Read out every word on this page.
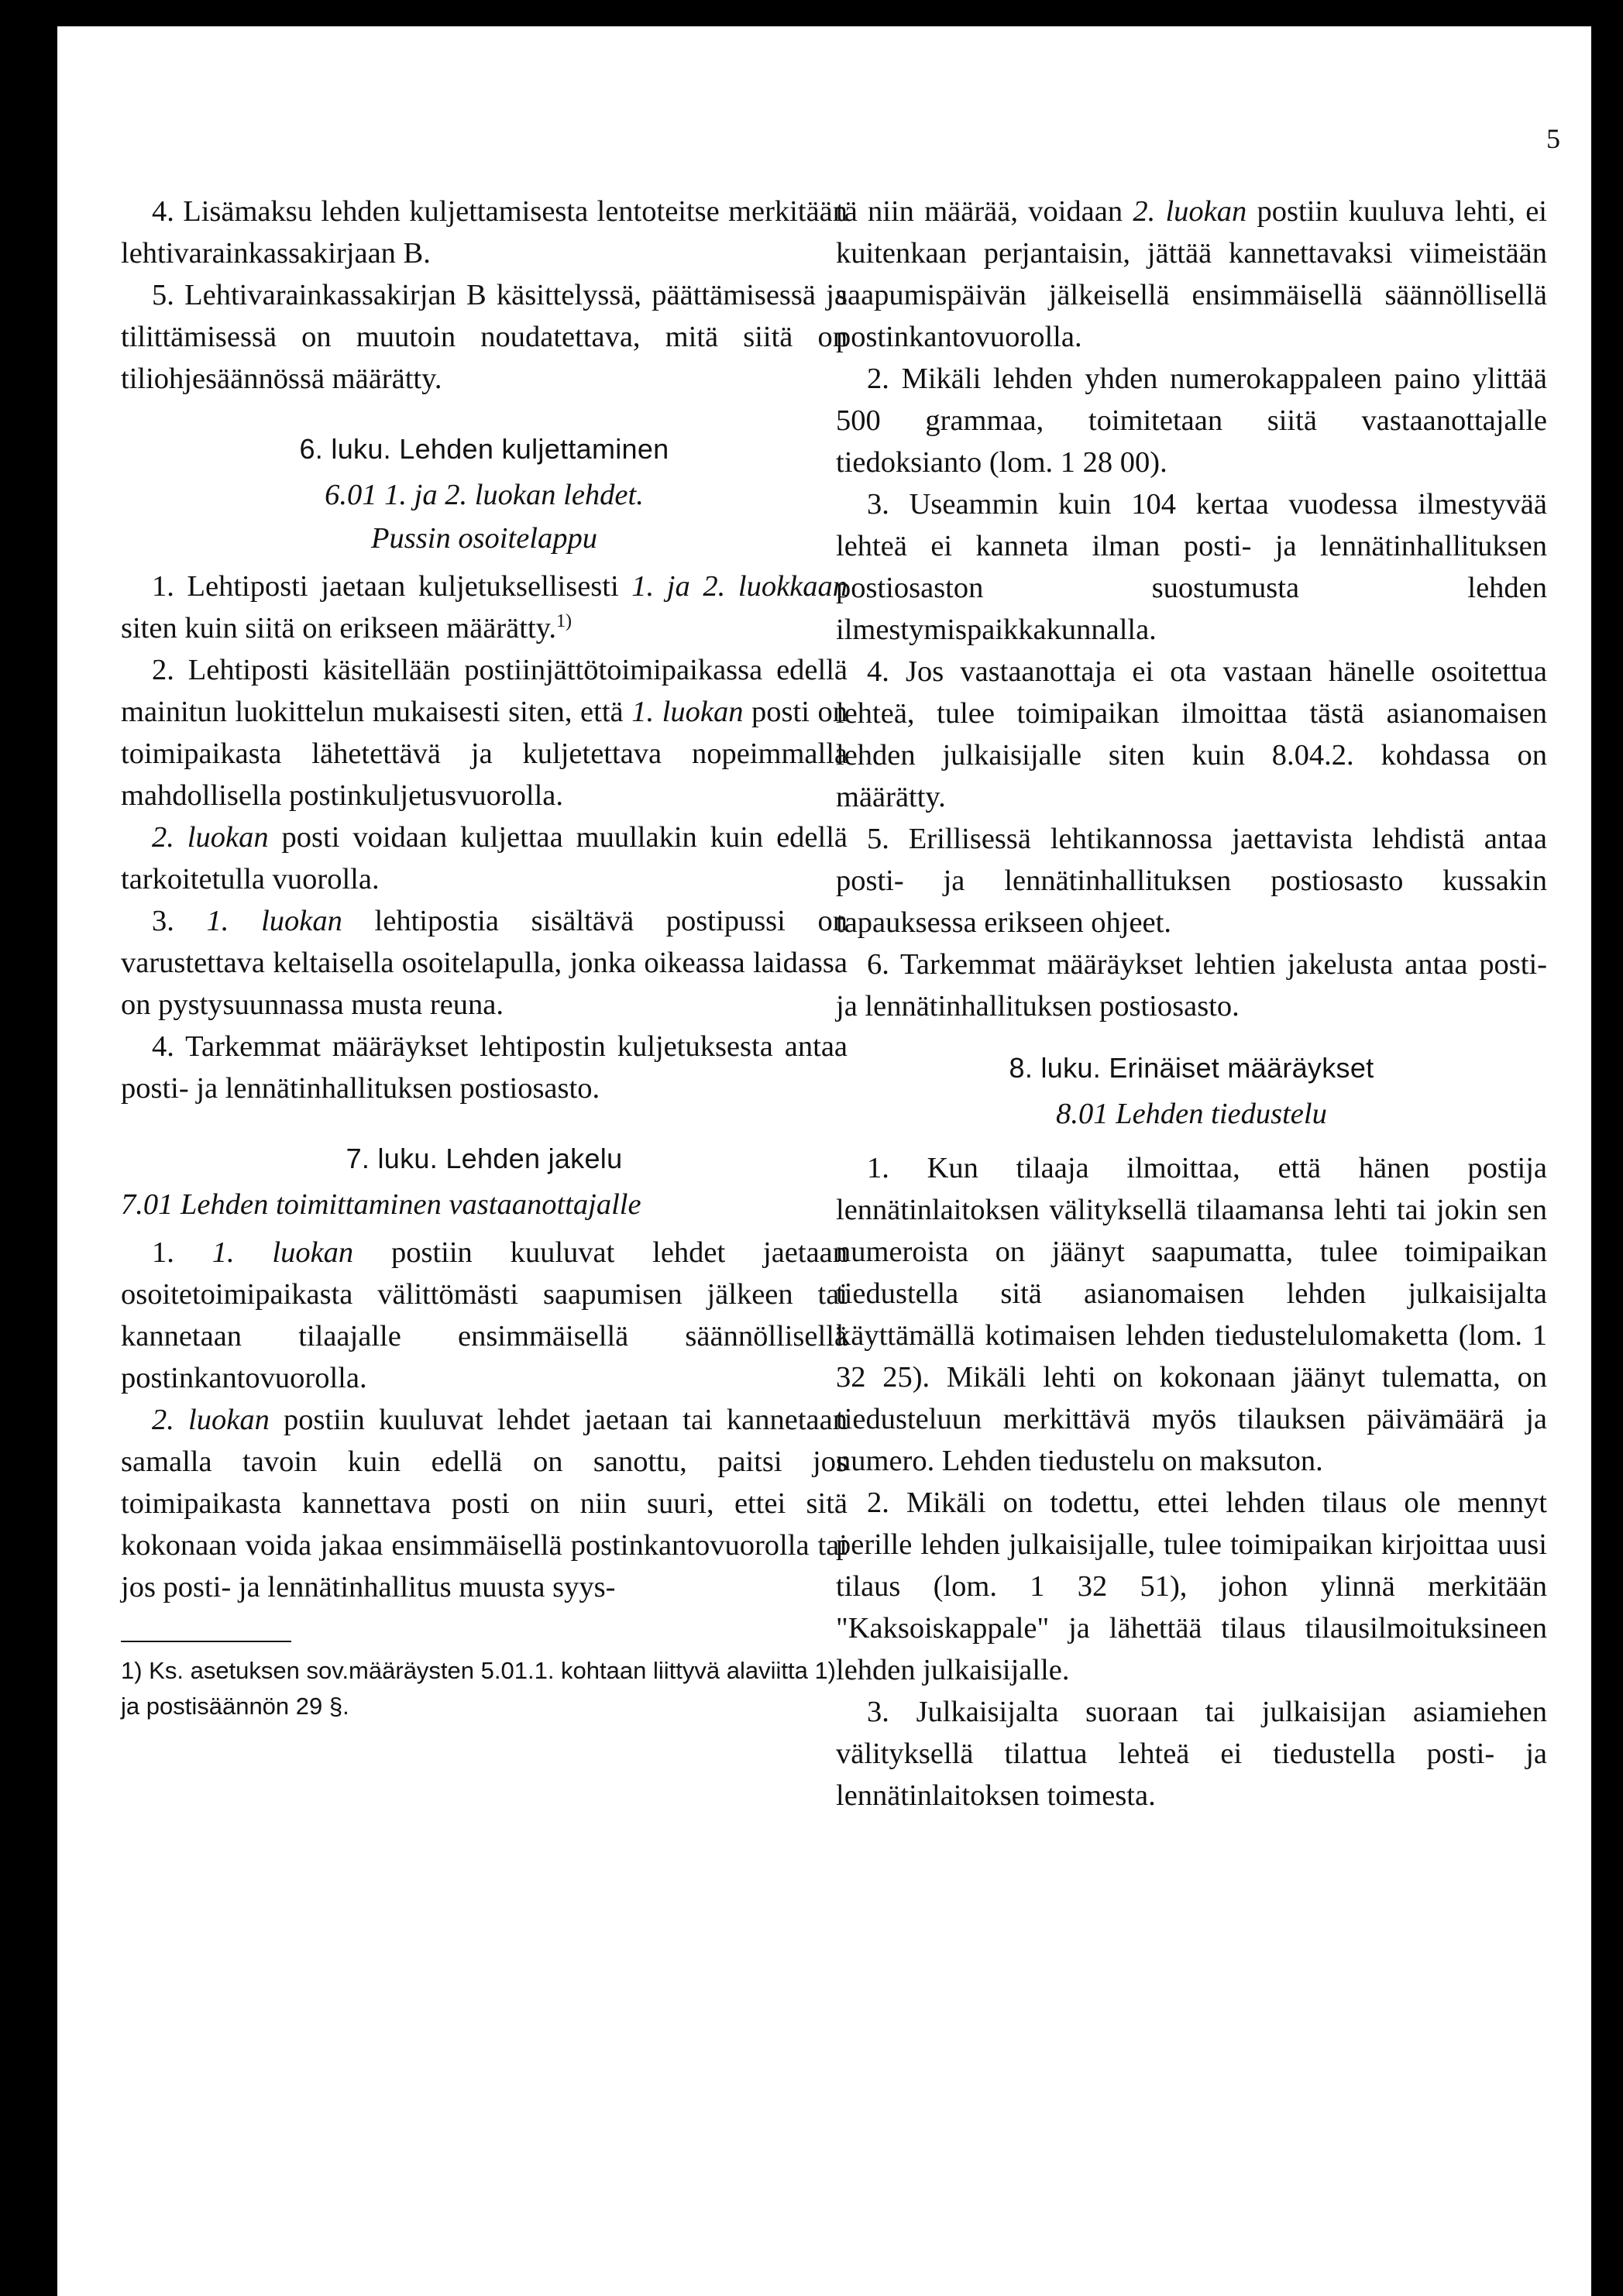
5

4. Lisämaksu lehden kuljettamisesta lentoteitse merkitään lehtivarainkassakirjaan B.

5. Lehtivarainkassakirjan B käsittelyssä, päättämisessä ja tilittämisessä on muutoin noudatettava, mitä siitä on tiliohjesäännössä määrätty.

6. luku. Lehden kuljettaminen
6.01 1. ja 2. luokan lehdet.
Pussin osoitelappu

1. Lehtiposti jaetaan kuljetuksellisesti 1. ja 2. luokkaan siten kuin siitä on erikseen määrätty.$^{1)}$

2. Lehtiposti käsitellään postiinjättötoimipaikassa edellä mainitun luokittelun mukaisesti siten, että 1. luokan posti on toimipaikasta lähetettävä ja kuljetettava nopeimmalla mahdollisella postinkuljetusvuorolla.

2. luokan posti voidaan kuljettaa muullakin kuin edellä tarkoitetulla vuorolla.

3. 1. luokan lehtipostia sisältävä postipussi on varustettava keltaisella osoitelapulla, jonka oikeassa laidassa on pystysuunnassa musta reuna.

4. Tarkemmat määräykset lehtipostin kuljetuksesta antaa posti- ja lennätinhallituksen postiosasto.

7. luku. Lehden jakelu
7.01 Lehden toimittaminen vastaanottajalle

1. 1. luokan postiin kuuluvat lehdet jaetaan osoitetoimipaikasta välittömästi saapumisen jälkeen tai kannetaan tilaajalle ensimmäisellä säännöllisellä postinkantovuorolla.

2. luokan postiin kuuluvat lehdet jaetaan tai kannetaan samalla tavoin kuin edellä on sanottu, paitsi jos toimipaikasta kannettava posti on niin suuri, ettei sitä kokonaan voida jakaa ensimmäisellä postinkantovuorolla tai jos posti- ja lennätinhallitus muusta syys-

1) Ks. asetuksen sov.määräysten 5.01.1. kohtaan liittyvä alaviitta 1) ja postisäännön 29 §.

tä niin määrää, voidaan 2. luokan postiin kuuluva lehti, ei kuitenkaan perjantaisin, jättää kannettavaksi viimeistään saapumispäivän jälkeisellä ensimmäisellä säännöllisellä postinkantovuorolla.

2. Mikäli lehden yhden numerokappaleen paino ylittää 500 grammaa, toimitetaan siitä vastaanottajalle tiedoksianto (lom. 1 28 00).

3. Useammin kuin 104 kertaa vuodessa ilmestyvää lehteä ei kanneta ilman posti- ja lennätinhallituksen postiosaston suostumusta lehden ilmestymispaikkakunnalla.

4. Jos vastaanottaja ei ota vastaan hänelle osoitettua lehteä, tulee toimipaikan ilmoittaa tästä asianomaisen lehden julkaisijalle siten kuin 8.04.2. kohdassa on määrätty.

5. Erillisessä lehtikannossa jaettavista lehdistä antaa posti- ja lennätinhallituksen postiosasto kussakin tapauksessa erikseen ohjeet.

6. Tarkemmat määräykset lehtien jakelusta antaa posti- ja lennätinhallituksen postiosasto.

8. luku. Erinäiset määräykset
8.01 Lehden tiedustelu

1. Kun tilaaja ilmoittaa, että hänen postija lennätinlaitoksen välityksellä tilaamansa lehti tai jokin sen numeroista on jäänyt saapumatta, tulee toimipaikan tiedustella sitä asianomaisen lehden julkaisijalta käyttämällä kotimaisen lehden tiedustelulomaketta (lom. 1 32 25). Mikäli lehti on kokonaan jäänyt tulematta, on tiedusteluun merkittävä myös tilauksen päivämäärä ja numero. Lehden tiedustelu on maksuton.

2. Mikäli on todettu, ettei lehden tilaus ole mennyt perille lehden julkaisijalle, tulee toimipaikan kirjoittaa uusi tilaus (lom. 1 32 51), johon ylinnä merkitään "Kaksoiskappale" ja lähettää tilaus tilausilmoituksineen lehden julkaisijalle.

3. Julkaisijalta suoraan tai julkaisijan asiamiehen välityksellä tilattua lehteä ei tiedustella posti- ja lennätinlaitoksen toimesta.
